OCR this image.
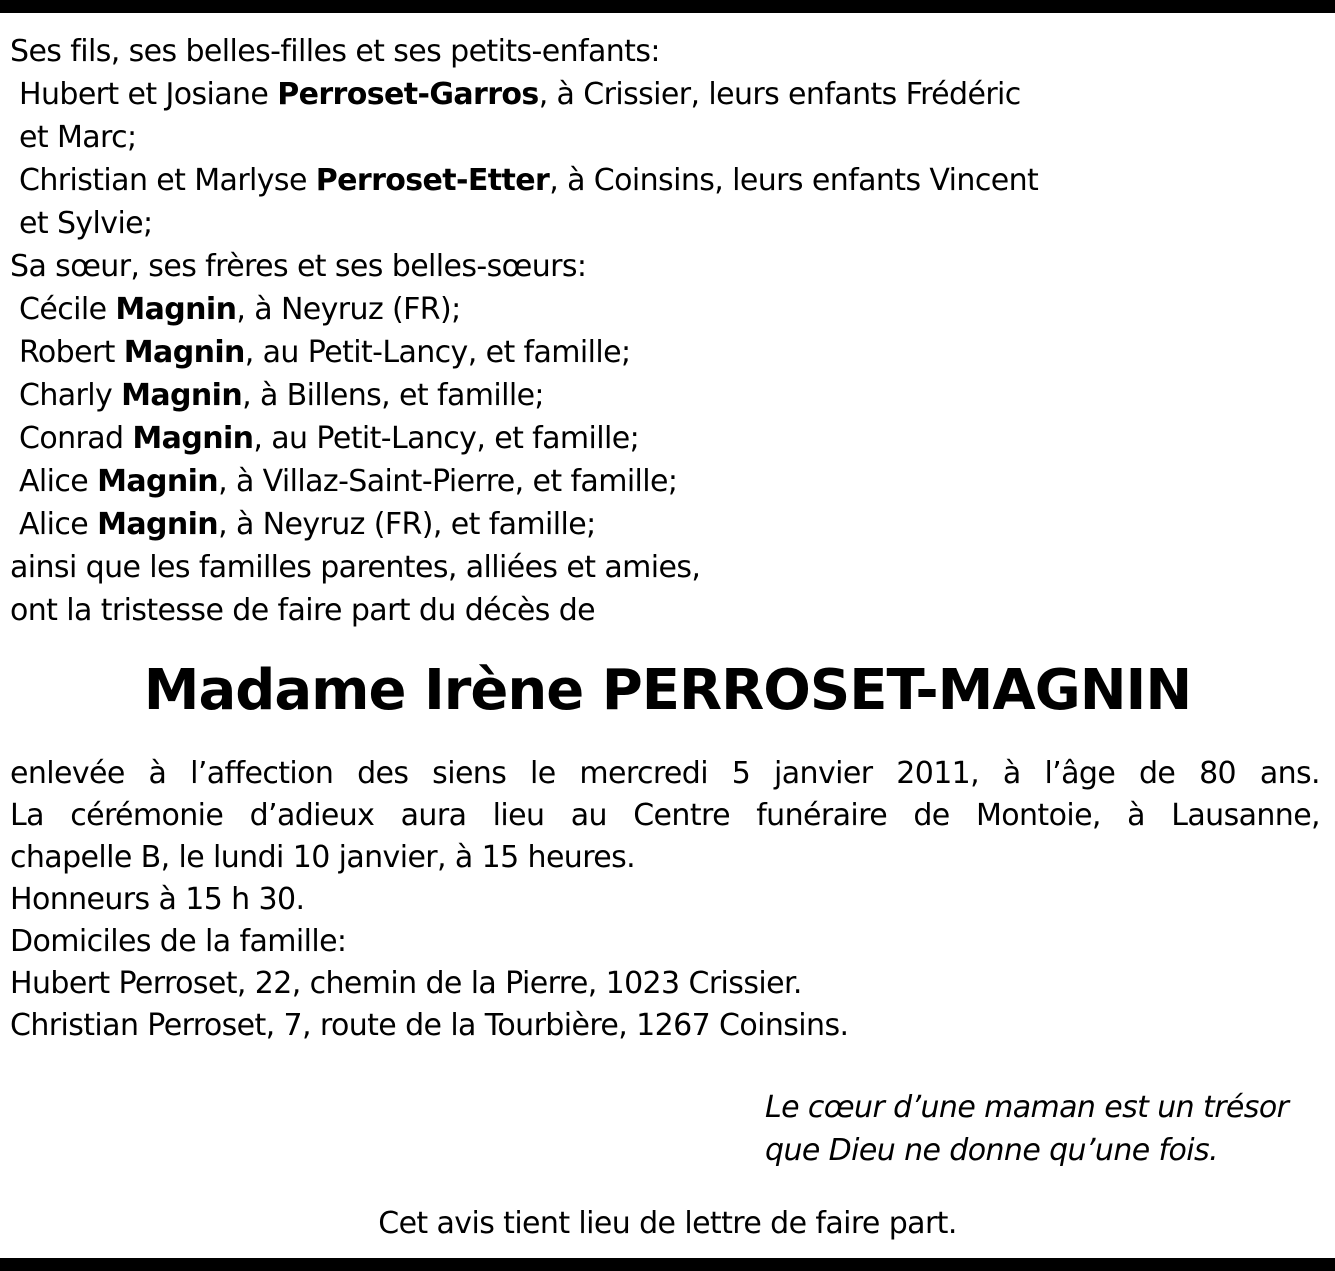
Ses fils, ses belles-filles et ses petits-enfants:
Hubert et Josiane Perroset-Garros, à Crissier, leurs enfants Frédéric
et Marc;
Christian et Marlyse Perroset-Etter, à Coinsins, leurs enfants Vincent
et Sylvie;
Sa sœur, ses frères et ses belles-sœurs:
Cécile Magnin, à Neyruz (FR);
Robert Magnin, au Petit-Lancy, et famille;
Charly Magnin, à Billens, et famille;
Conrad Magnin, au Petit-Lancy, et famille;
Alice Magnin, à Villaz-Saint-Pierre, et famille;
Alice Magnin, à Neyruz (FR), et famille;
ainsi que les familles parentes, alliées et amies,
ont la tristesse de faire part du décès de
Madame Irène PERROSET-MAGNIN
enlevée à l’affection des siens le mercredi 5 janvier 2011, à l’âge de 80 ans.
La cérémonie d’adieux aura lieu au Centre funéraire de Montoie, à Lausanne,
chapelle B, le lundi 10 janvier, à 15 heures.
Honneurs à 15 h 30.
Domiciles de la famille:
Hubert Perroset, 22, chemin de la Pierre, 1023 Crissier.
Christian Perroset, 7, route de la Tourbière, 1267 Coinsins.
Le cœur d’une maman est un trésor
que Dieu ne donne qu’une fois.
Cet avis tient lieu de lettre de faire part.
